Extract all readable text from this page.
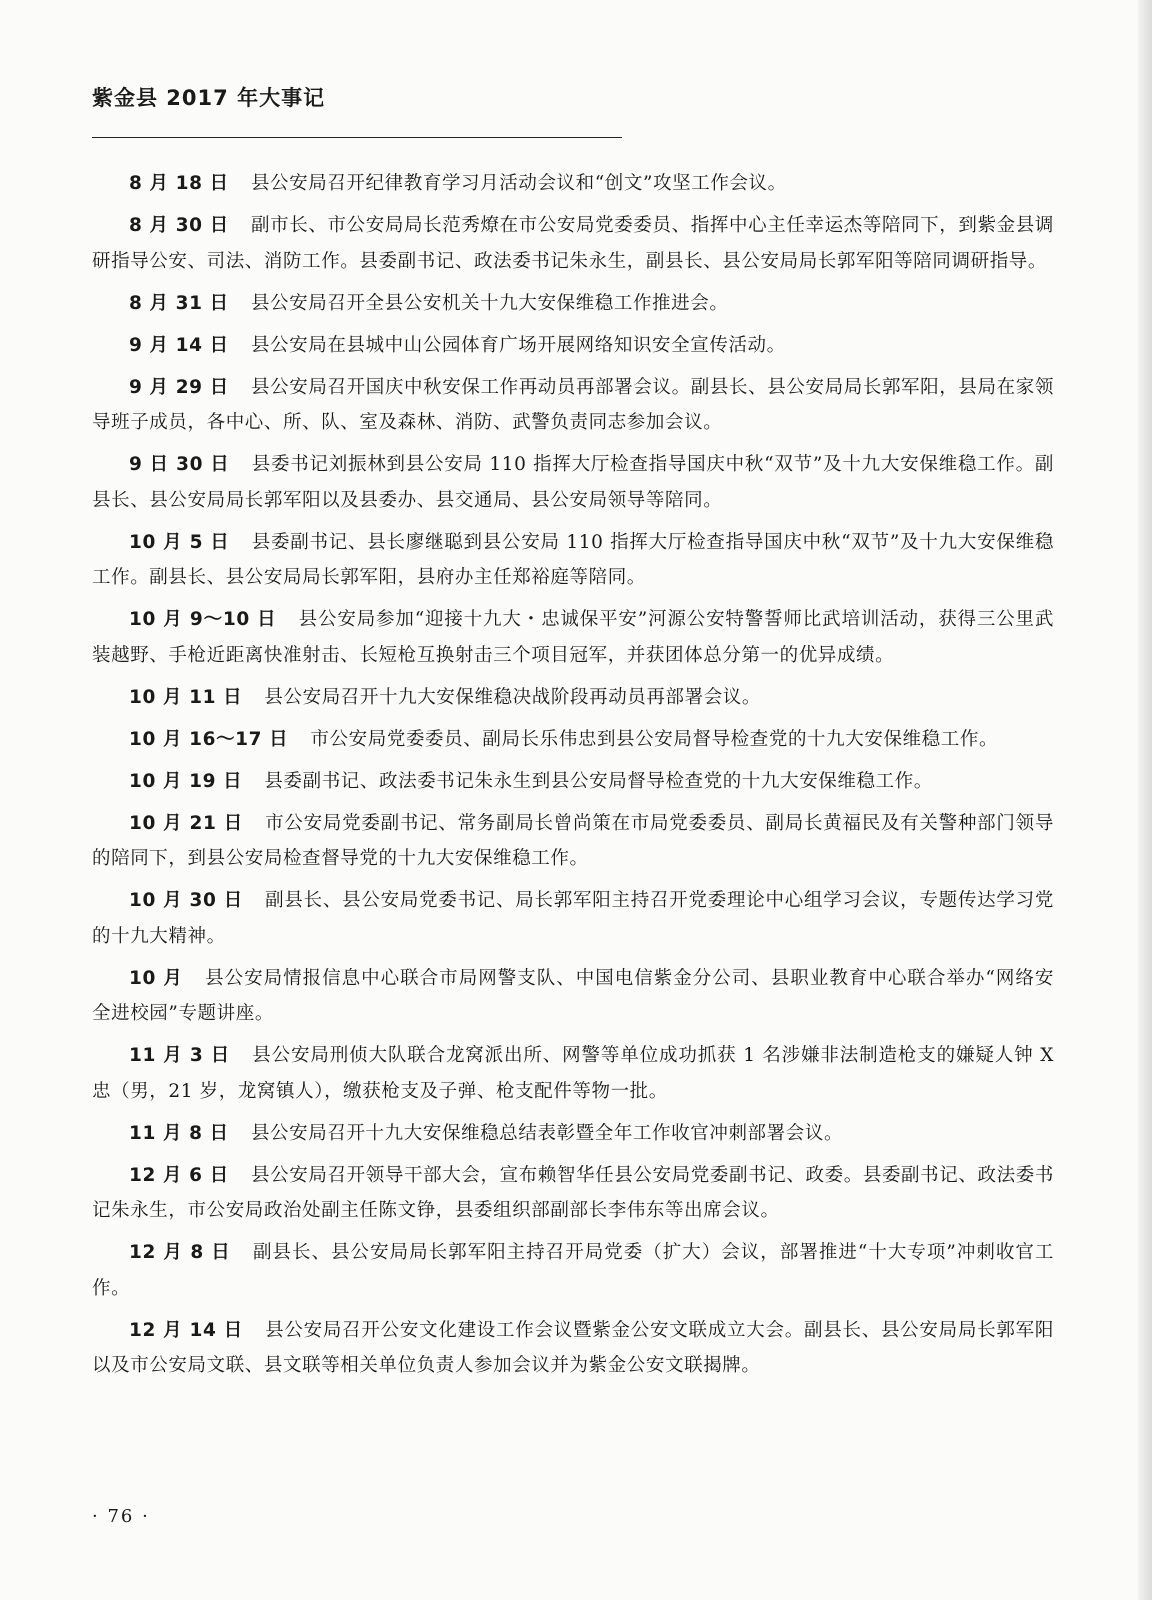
紫金县 2017 年大事记

8 月 18 日 县公安局召开纪律教育学习月活动会议和“创文”攻坚工作会议。

8 月 30 日 副市长、市公安局局长范秀燎在市公安局党委委员、指挥中心主任幸运杰等陪同下，到紫金县调研指导公安、司法、消防工作。县委副书记、政法委书记朱永生，副县长、县公安局局长郭军阳等陪同调研指导。

8 月 31 日 县公安局召开全县公安机关十九大安保维稳工作推进会。

9 月 14 日 县公安局在县城中山公园体育广场开展网络知识安全宣传活动。

9 月 29 日 县公安局召开国庆中秋安保工作再动员再部署会议。副县长、县公安局局长郭军阳，县局在家领导班子成员，各中心、所、队、室及森林、消防、武警负责同志参加会议。

9 日 30 日 县委书记刘振林到县公安局 110 指挥大厅检查指导国庆中秋“双节”及十九大安保维稳工作。副县长、县公安局局长郭军阳以及县委办、县交通局、县公安局领导等陪同。

10 月 5 日 县委副书记、县长廖继聪到县公安局 110 指挥大厅检查指导国庆中秋“双节”及十九大安保维稳工作。副县长、县公安局局长郭军阳，县府办主任郑裕庭等陪同。

10 月 9～10 日 县公安局参加“迎接十九大・忠诚保平安”河源公安特警誓师比武培训活动，获得三公里武装越野、手枪近距离快准射击、长短枪互换射击三个项目冠军，并获团体总分第一的优异成绩。

10 月 11 日 县公安局召开十九大安保维稳决战阶段再动员再部署会议。

10 月 16～17 日 市公安局党委委员、副局长乐伟忠到县公安局督导检查党的十九大安保维稳工作。

10 月 19 日 县委副书记、政法委书记朱永生到县公安局督导检查党的十九大安保维稳工作。

10 月 21 日 市公安局党委副书记、常务副局长曾尚策在市局党委委员、副局长黄福民及有关警种部门领导的陪同下，到县公安局检查督导党的十九大安保维稳工作。

10 月 30 日 副县长、县公安局党委书记、局长郭军阳主持召开党委理论中心组学习会议，专题传达学习党的十九大精神。

10 月 县公安局情报信息中心联合市局网警支队、中国电信紫金分公司、县职业教育中心联合举办“网络安全进校园”专题讲座。

11 月 3 日 县公安局刑侦大队联合龙窝派出所、网警等单位成功抓获 1 名涉嫌非法制造枪支的嫌疑人钟 X 忠（男，21 岁，龙窝镇人），缴获枪支及子弹、枪支配件等物一批。

11 月 8 日 县公安局召开十九大安保维稳总结表彰暨全年工作收官冲刺部署会议。

12 月 6 日 县公安局召开领导干部大会，宣布赖智华任县公安局党委副书记、政委。县委副书记、政法委书记朱永生，市公安局政治处副主任陈文铮，县委组织部副部长李伟东等出席会议。

12 月 8 日 副县长、县公安局局长郭军阳主持召开局党委（扩大）会议，部署推进“十大专项”冲刺收官工作。

12 月 14 日 县公安局召开公安文化建设工作会议暨紫金公安文联成立大会。副县长、县公安局局长郭军阳以及市公安局文联、县文联等相关单位负责人参加会议并为紫金公安文联揭牌。

· 76 ·
